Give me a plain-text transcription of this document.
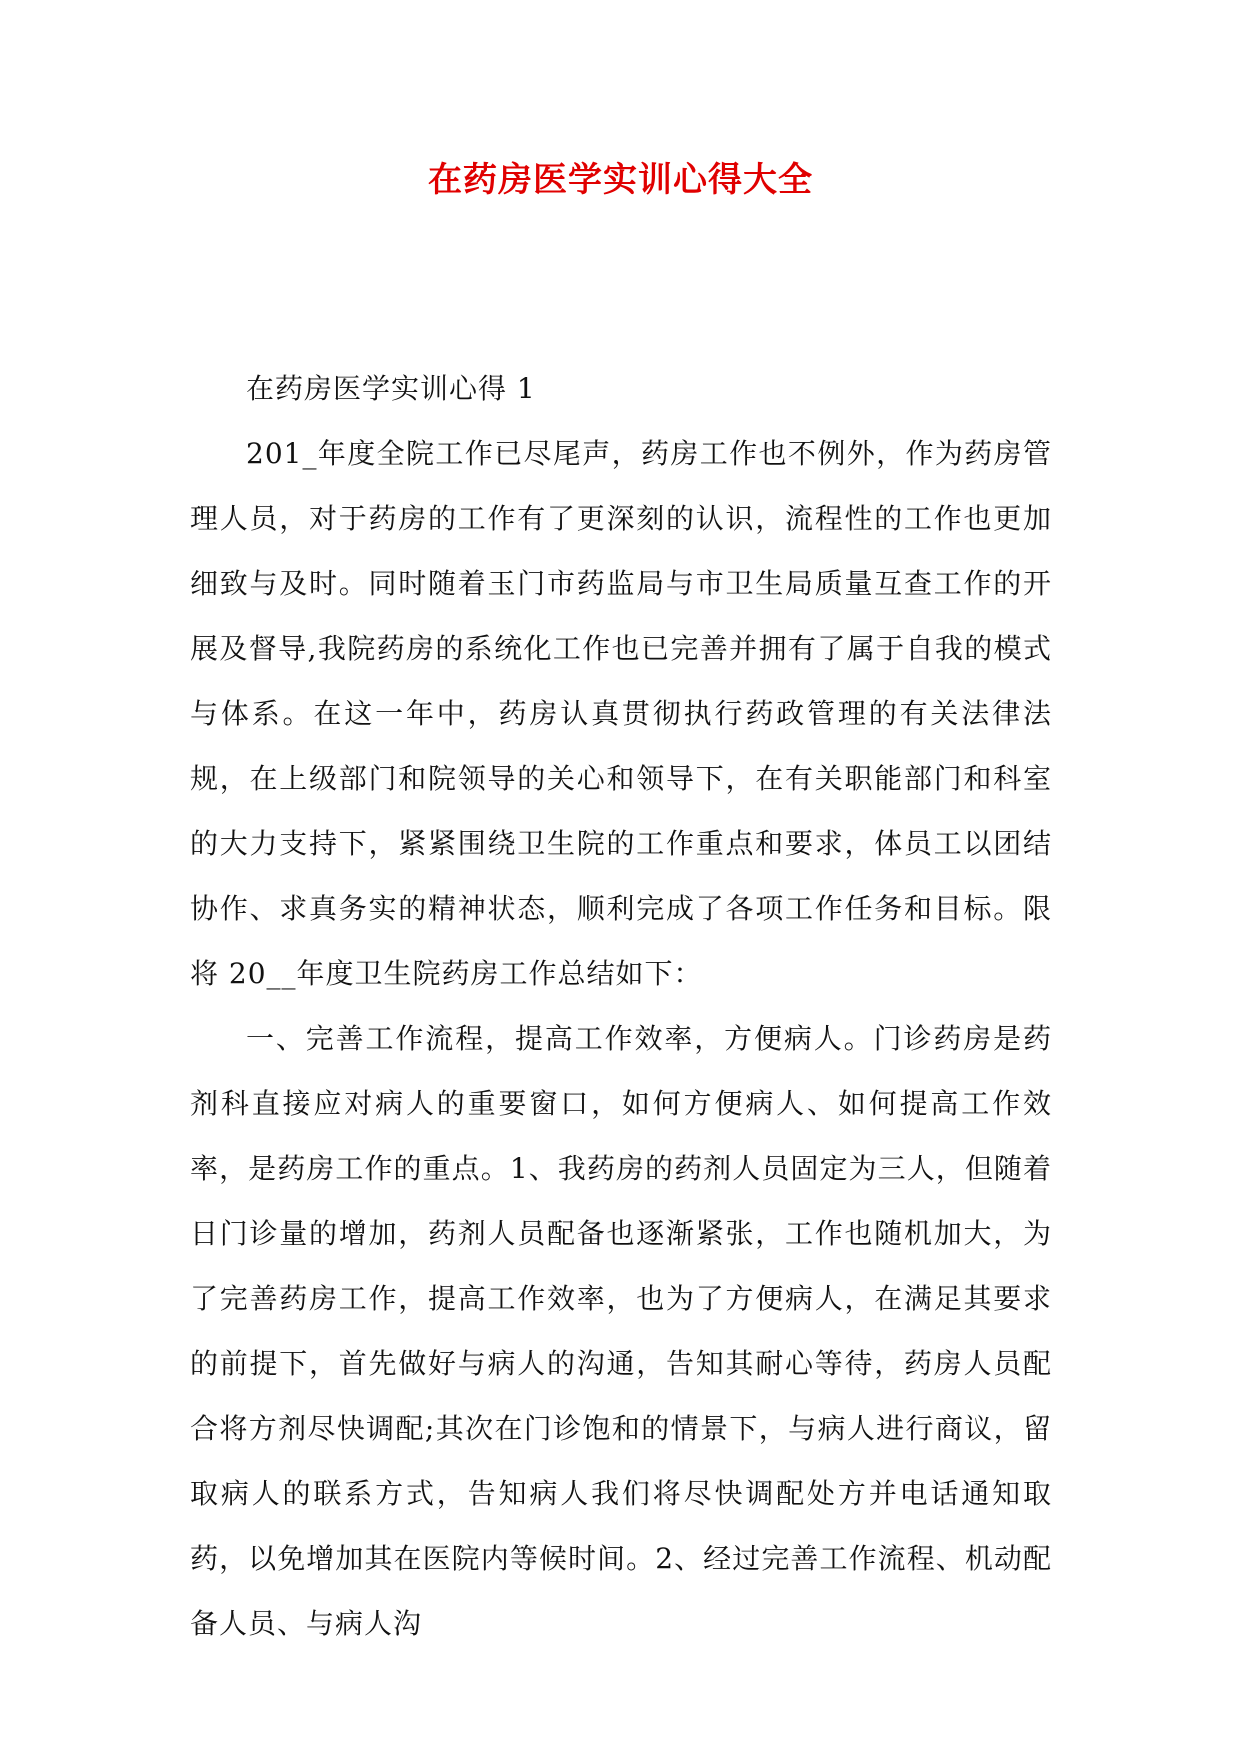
在药房医学实训心得大全

在药房医学实训心得 1

201_年度全院工作已尽尾声，药房工作也不例外，作为药房管理人员，对于药房的工作有了更深刻的认识，流程性的工作也更加细致与及时。同时随着玉门市药监局与市卫生局质量互查工作的开展及督导,我院药房的系统化工作也已完善并拥有了属于自我的模式与体系。在这一年中，药房认真贯彻执行药政管理的有关法律法规，在上级部门和院领导的关心和领导下，在有关职能部门和科室的大力支持下，紧紧围绕卫生院的工作重点和要求，体员工以团结协作、求真务实的精神状态，顺利完成了各项工作任务和目标。限将 20__年度卫生院药房工作总结如下：

一、完善工作流程，提高工作效率，方便病人。门诊药房是药剂科直接应对病人的重要窗口，如何方便病人、如何提高工作效率，是药房工作的重点。1、我药房的药剂人员固定为三人，但随着日门诊量的增加，药剂人员配备也逐渐紧张，工作也随机加大，为了完善药房工作，提高工作效率，也为了方便病人，在满足其要求的前提下，首先做好与病人的沟通，告知其耐心等待，药房人员配合将方剂尽快调配;其次在门诊饱和的情景下，与病人进行商议，留取病人的联系方式，告知病人我们将尽快调配处方并电话通知取药，以免增加其在医院内等候时间。2、经过完善工作流程、机动配备人员、与病人沟
